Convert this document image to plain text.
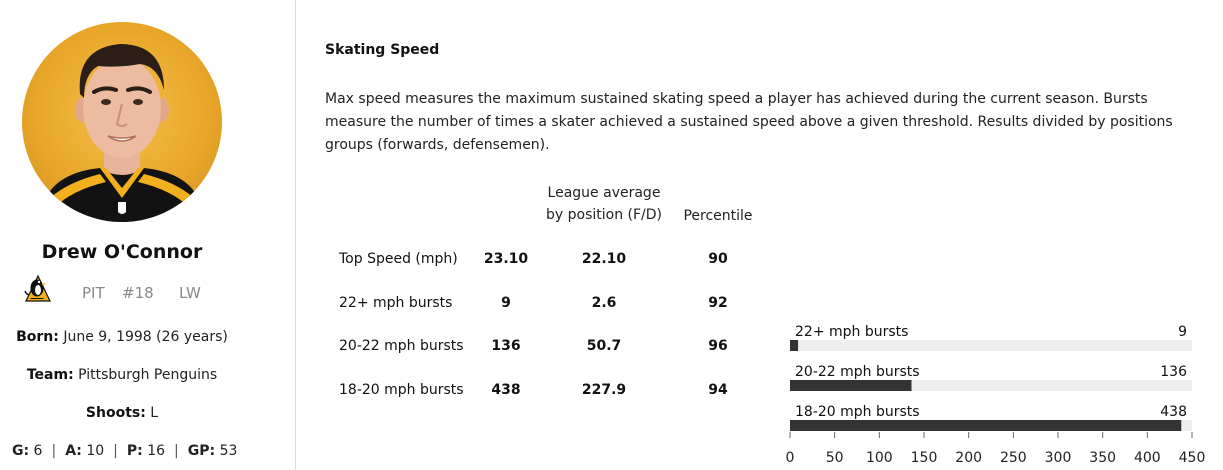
Drew O'Connor
PIT #18 LW
Born: June 9, 1998 (26 years)
Team: Pittsburgh Penguins
Shoots: L
G: 6 | A: 10 | P: 16 | GP: 53
Skating Speed
Max speed measures the maximum sustained skating speed a player has achieved during the current season. Bursts measure the number of times a skater achieved a sustained speed above a given threshold. Results divided by positions groups (forwards, defensemen).
League average
by position (F/D)	Percentile
Top Speed (mph)	23.10	22.10	90
22+ mph bursts	9	2.6	92
20-22 mph bursts	136	50.7	96
18-20 mph bursts	438	227.9	94
22+ mph bursts	9
20-22 mph bursts	136
18-20 mph bursts	438
0 50 100 150 200 250 300 350 400 450
